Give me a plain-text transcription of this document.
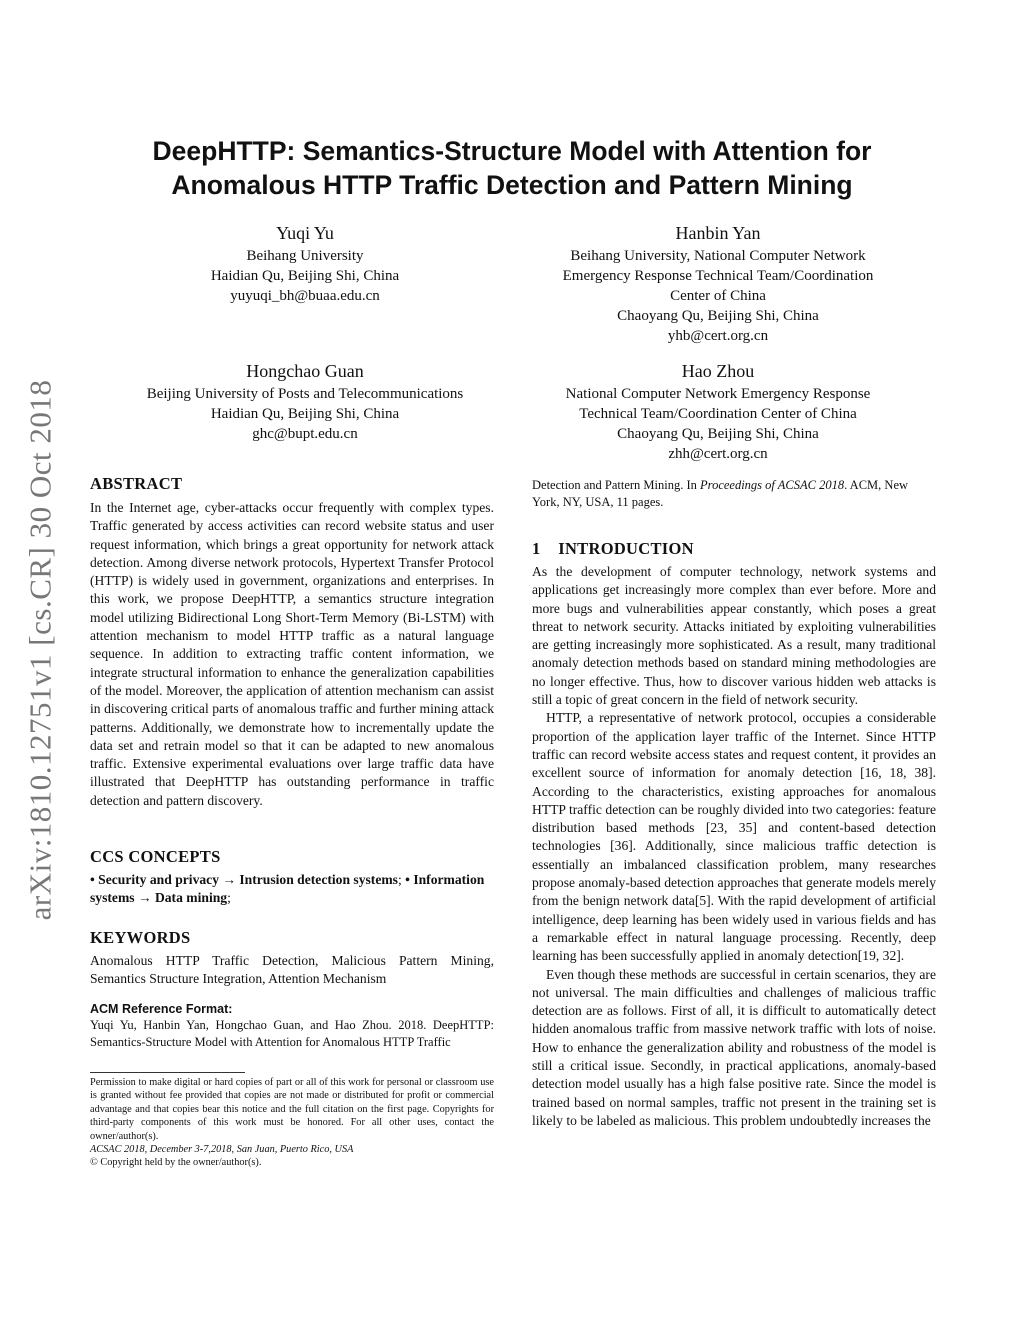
arXiv:1810.12751v1 [cs.CR] 30 Oct 2018
DeepHTTP: Semantics-Structure Model with Attention for
Anomalous HTTP Traffic Detection and Pattern Mining
Yuqi Yu
Beihang University
Haidian Qu, Beijing Shi, China
yuyuqi_bh@buaa.edu.cn
Hanbin Yan
Beihang University, National Computer Network
Emergency Response Technical Team/Coordination
Center of China
Chaoyang Qu, Beijing Shi, China
yhb@cert.org.cn
Hongchao Guan
Beijing University of Posts and Telecommunications
Haidian Qu, Beijing Shi, China
ghc@bupt.edu.cn
Hao Zhou
National Computer Network Emergency Response
Technical Team/Coordination Center of China
Chaoyang Qu, Beijing Shi, China
zhh@cert.org.cn
ABSTRACT

In the Internet age, cyber-attacks occur frequently with complex types. Traffic generated by access activities can record website status and user request information, which brings a great opportunity for network attack detection. Among diverse network protocols, Hypertext Transfer Protocol (HTTP) is widely used in government, organizations and enterprises. In this work, we propose DeepHTTP, a semantics structure integration model utilizing Bidirectional Long Short-Term Memory (Bi-LSTM) with attention mechanism to model HTTP traffic as a natural language sequence. In addition to extracting traffic content information, we integrate structural information to enhance the generalization capabilities of the model. Moreover, the application of attention mechanism can assist in discovering critical parts of anomalous traffic and further mining attack patterns. Additionally, we demonstrate how to incrementally update the data set and retrain model so that it can be adapted to new anomalous traffic. Extensive experimental evaluations over large traffic data have illustrated that DeepHTTP has outstanding performance in traffic detection and pattern discovery.

CCS CONCEPTS

• Security and privacy → Intrusion detection systems; • Information systems → Data mining;

KEYWORDS

Anomalous HTTP Traffic Detection, Malicious Pattern Mining, Semantics Structure Integration, Attention Mechanism

ACM Reference Format:

Yuqi Yu, Hanbin Yan, Hongchao Guan, and Hao Zhou. 2018. DeepHTTP: Semantics-Structure Model with Attention for Anomalous HTTP Traffic

Permission to make digital or hard copies of part or all of this work for personal or classroom use is granted without fee provided that copies are not made or distributed for profit or commercial advantage and that copies bear this notice and the full citation on the first page. Copyrights for third-party components of this work must be honored. For all other uses, contact the owner/author(s).

ACSAC 2018, December 3-7,2018, San Juan, Puerto Rico, USA

© Copyright held by the owner/author(s).

Detection and Pattern Mining. In Proceedings of ACSAC 2018. ACM, New York, NY, USA, 11 pages.

1    INTRODUCTION

As the development of computer technology, network systems and applications get increasingly more complex than ever before. More and more bugs and vulnerabilities appear constantly, which poses a great threat to network security. Attacks initiated by exploiting vulnerabilities are getting increasingly more sophisticated. As a result, many traditional anomaly detection methods based on standard mining methodologies are no longer effective. Thus, how to discover various hidden web attacks is still a topic of great concern in the field of network security.

HTTP, a representative of network protocol, occupies a considerable proportion of the application layer traffic of the Internet. Since HTTP traffic can record website access states and request content, it provides an excellent source of information for anomaly detection [16, 18, 38]. According to the characteristics, existing approaches for anomalous HTTP traffic detection can be roughly divided into two categories: feature distribution based methods [23, 35] and content-based detection technologies [36]. Additionally, since malicious traffic detection is essentially an imbalanced classification problem, many researches propose anomaly-based detection approaches that generate models merely from the benign network data[5]. With the rapid development of artificial intelligence, deep learning has been widely used in various fields and has a remarkable effect in natural language processing. Recently, deep learning has been successfully applied in anomaly detection[19, 32].

Even though these methods are successful in certain scenarios, they are not universal. The main difficulties and challenges of malicious traffic detection are as follows. First of all, it is difficult to automatically detect hidden anomalous traffic from massive network traffic with lots of noise. How to enhance the generalization ability and robustness of the model is still a critical issue. Secondly, in practical applications, anomaly-based detection model usually has a high false positive rate. Since the model is trained based on normal samples, traffic not present in the training set is likely to be labeled as malicious. This problem undoubtedly increases the
